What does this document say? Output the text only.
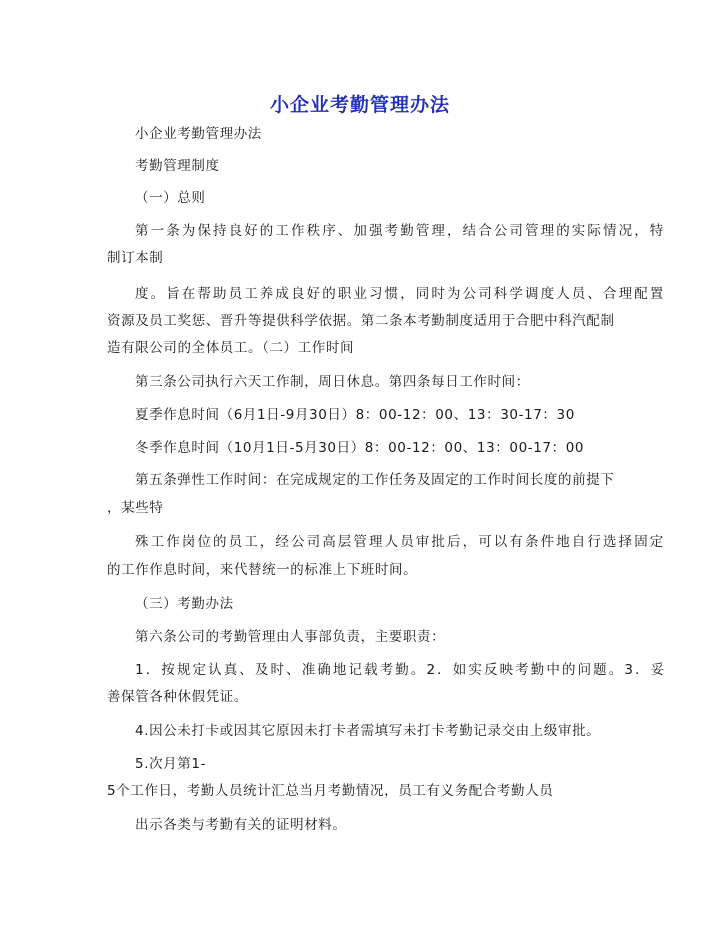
小企业考勤管理办法
小企业考勤管理办法
考勤管理制度
（一）总则
第一条为保持良好的工作秩序、加强考勤管理，结合公司管理的实际情况，特
制订本制
度。旨在帮助员工养成良好的职业习惯，同时为公司科学调度人员、合理配置
资源及员工奖惩、晋升等提供科学依据。第二条本考勤制度适用于合肥中科汽配制
造有限公司的全体员工。（二）工作时间
第三条公司执行六天工作制，周日休息。第四条每日工作时间：
夏季作息时间（6月1日-9月30日）8：00-12：00、13：30-17：30
冬季作息时间（10月1日-5月30日）8：00-12：00、13：00-17：00
第五条弹性工作时间：在完成规定的工作任务及固定的工作时间长度的前提下
，某些特
殊工作岗位的员工，经公司高层管理人员审批后，可以有条件地自行选择固定
的工作作息时间，来代替统一的标准上下班时间。
（三）考勤办法
第六条公司的考勤管理由人事部负责，主要职责：
1．按规定认真、及时、准确地记载考勤。2．如实反映考勤中的问题。3．妥
善保管各种休假凭证。
4.因公未打卡或因其它原因未打卡者需填写未打卡考勤记录交由上级审批。
5.次月第1-
5个工作日，考勤人员统计汇总当月考勤情况，员工有义务配合考勤人员
出示各类与考勤有关的证明材料。
